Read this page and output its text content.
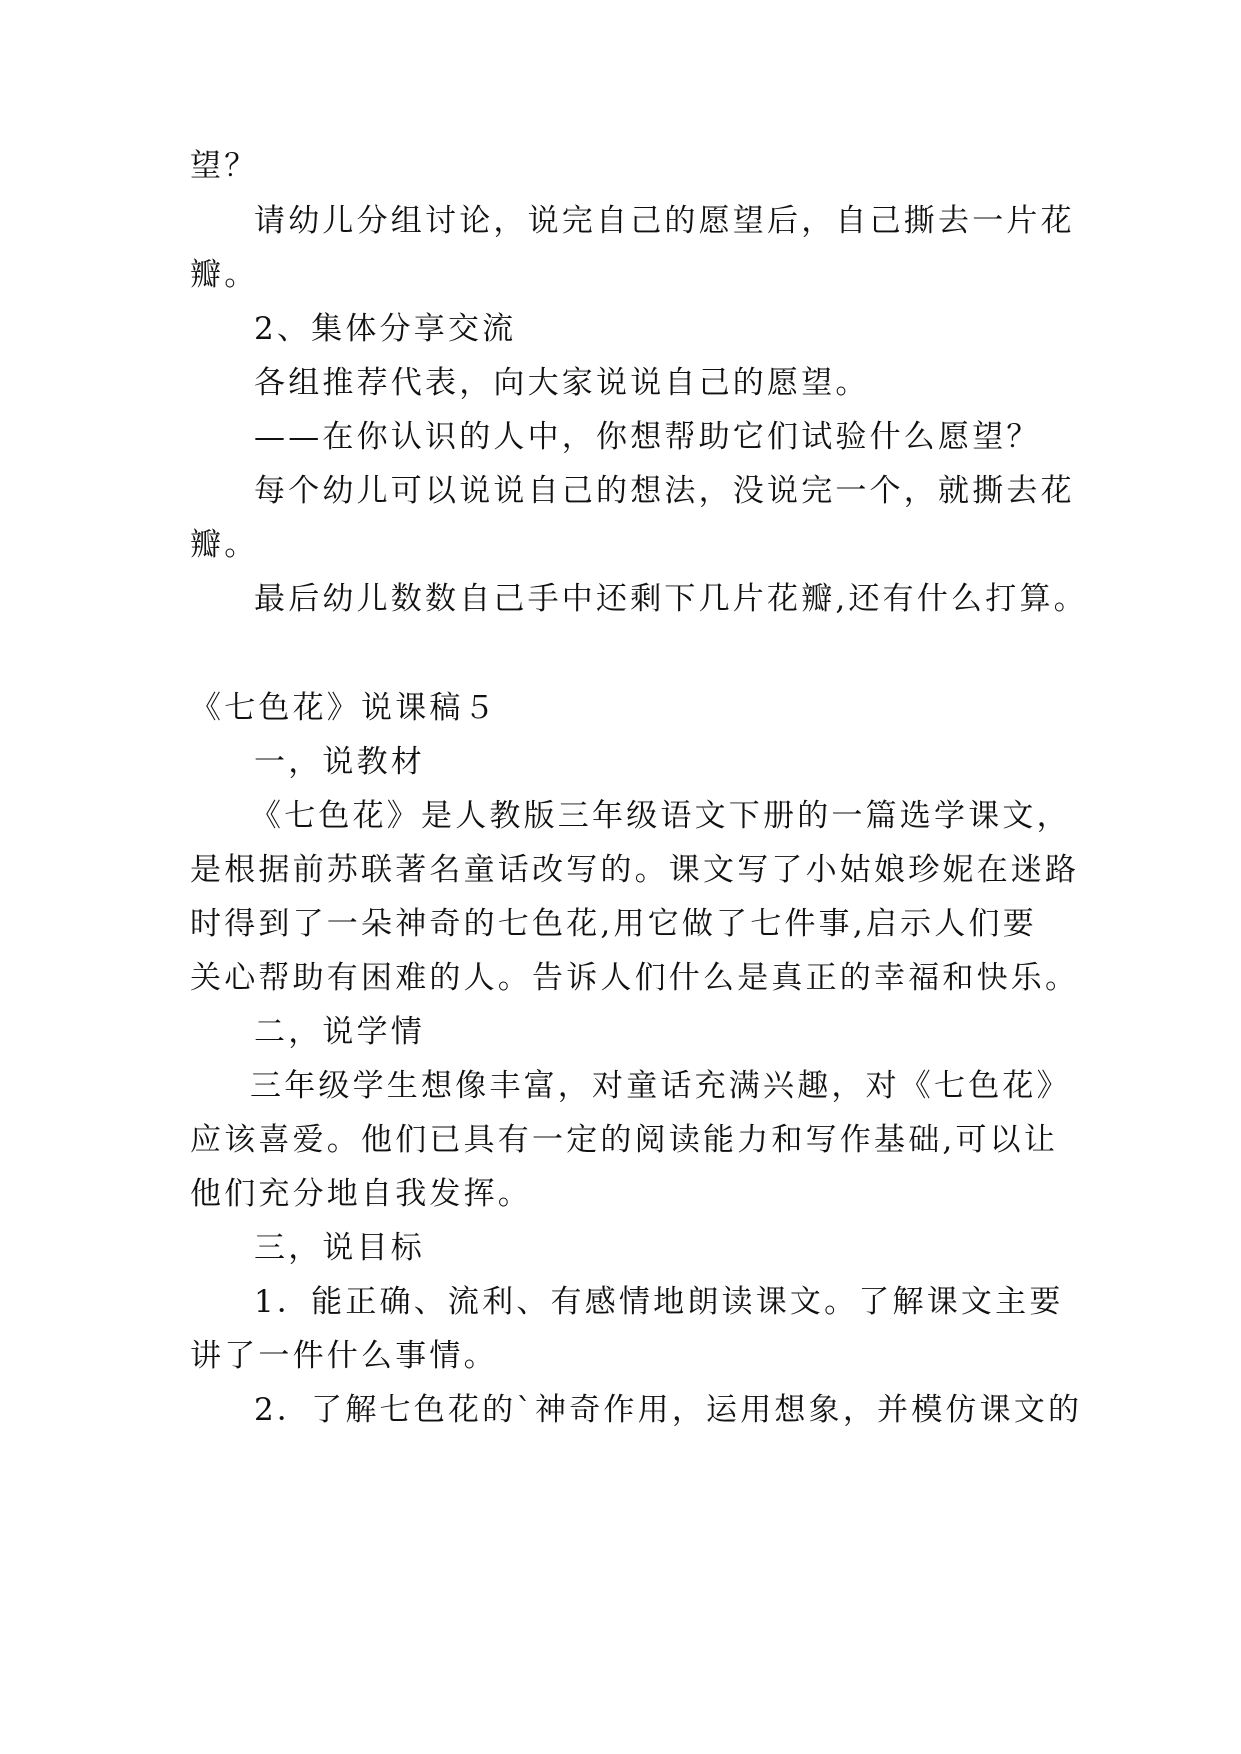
望？
请幼儿分组讨论，说完自己的愿望后，自己撕去一片花
瓣。
2、集体分享交流
各组推荐代表，向大家说说自己的愿望。
——在你认识的人中，你想帮助它们试验什么愿望？
每个幼儿可以说说自己的想法，没说完一个，就撕去花
瓣。
最后幼儿数数自己手中还剩下几片花瓣,还有什么打算。
《七色花》说课稿５
一，说教材
《七色花》是人教版三年级语文下册的一篇选学课文，
是根据前苏联著名童话改写的。课文写了小姑娘珍妮在迷路
时得到了一朵神奇的七色花,用它做了七件事,启示人们要
关心帮助有困难的人。告诉人们什么是真正的幸福和快乐。
二，说学情
三年级学生想像丰富，对童话充满兴趣，对《七色花》
应该喜爱。他们已具有一定的阅读能力和写作基础,可以让
他们充分地自我发挥。
三，说目标
1．能正确、流利、有感情地朗读课文。了解课文主要
讲了一件什么事情。
2．了解七色花的`神奇作用，运用想象，并模仿课文的
